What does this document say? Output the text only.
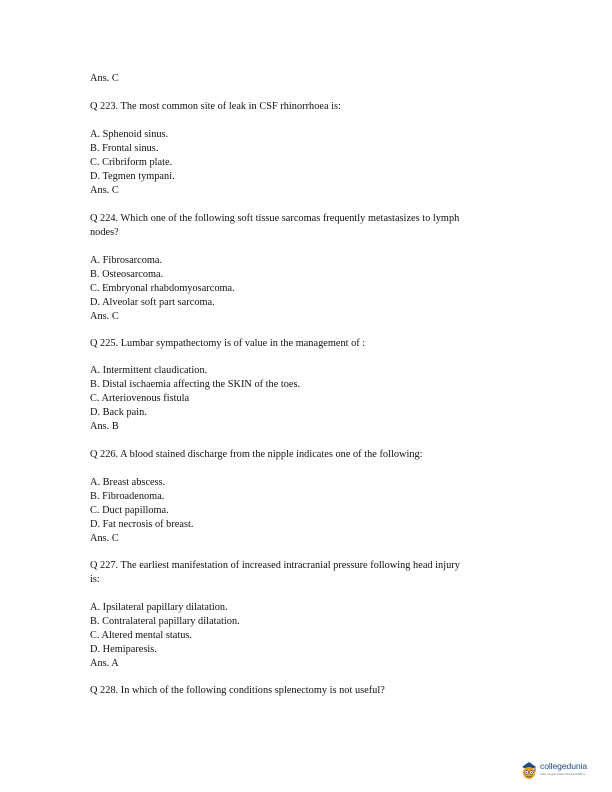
Ans. C
Q 223. The most common site of leak in CSF rhinorrhoea is:
A. Sphenoid sinus.
B. Frontal sinus.
C. Cribriform plate.
D. Tegmen tympani.
Ans. C
Q 224. Which one of the following soft tissue sarcomas frequently metastasizes to lymph
nodes?
A. Fibrosarcoma.
B. Osteosarcoma.
C. Embryonal rhabdomyosarcoma.
D. Alveolar soft part sarcoma.
Ans. C
Q 225. Lumbar sympathectomy is of value in the management of :
A. Intermittent claudication.
B. Distal ischaemia affecting the SKIN of the toes.
C. Arteriovenous fistula
D. Back pain.
Ans. B
Q 226. A blood stained discharge from the nipple indicates one of the following:
A. Breast abscess.
B. Fibroadenoma.
C. Duct papilloma.
D. Fat necrosis of breast.
Ans. C
Q 227. The earliest manifestation of increased intracranial pressure following head injury
is:
A. Ipsilateral papillary dilatation.
B. Contralateral papillary dilatation.
C. Altered mental status.
D. Hemiparesis.
Ans. A
Q 228. In which of the following conditions splenectomy is not useful?
collegedunia
India's largest Student Review Platform
